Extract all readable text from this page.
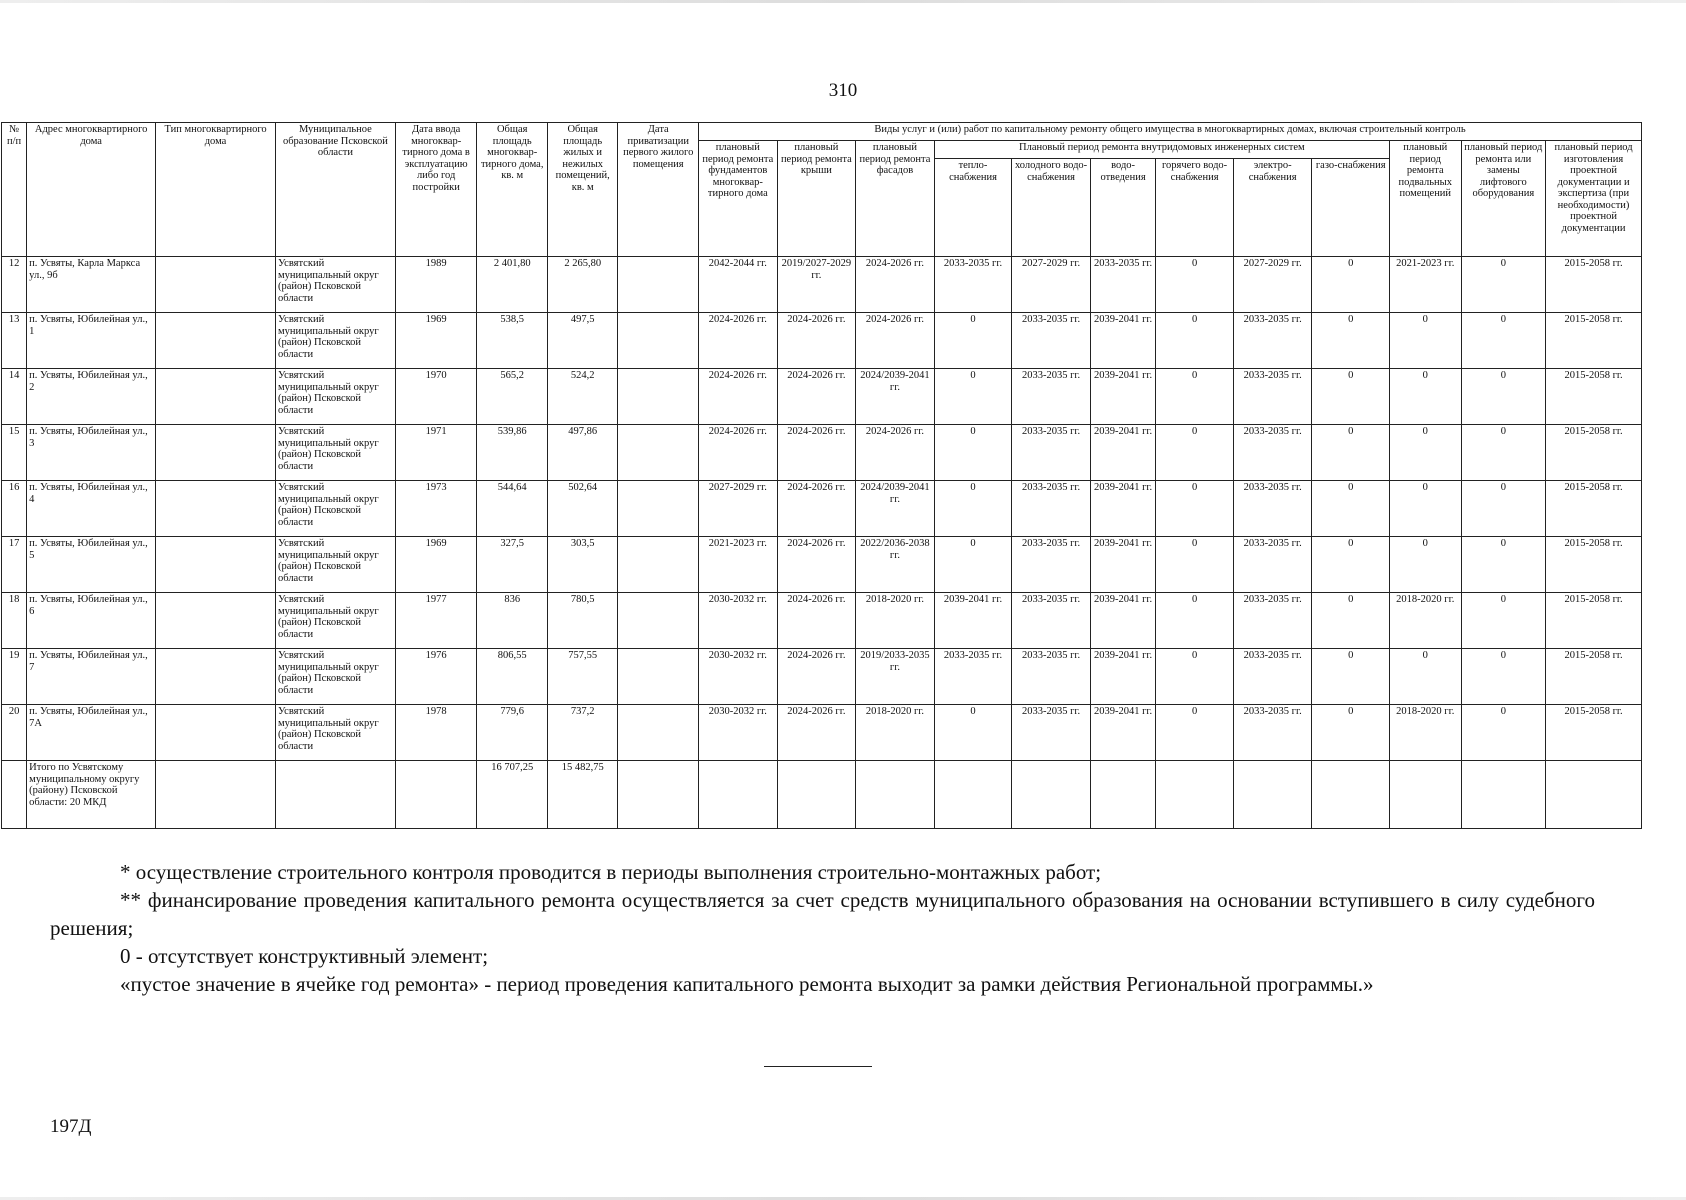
310
№ п/п	Адрес многоквартирного дома	Тип многоквартирного дома	Муниципальное образование Псковской области	Дата ввода многоквар-тирного дома в эксплуатацию либо год постройки	Общая площадь многоквар-тирного дома, кв. м	Общая площадь жилых и нежилых помещений, кв. м	Дата приватизации первого жилого помещения	Виды услуг и (или) работ по капитальному ремонту общего имущества в многоквартирных домах, включая строительный контроль											
								плановый период ремонта фундаментов многоквар-тирного дома	плановый период ремонта крыши	плановый период ремонта фасадов	Плановый период ремонта внутридомовых инженерных систем						плановый период ремонта подвальных помещений	плановый период ремонта или замены лифтового оборудования	плановый период изготовления проектной документации и экспертиза (при необходимости) проектной документации
											тепло-снабжения	холодного водо-снабжения	водо-отведения	горячего водо-снабжения	электро-снабжения	газо-снабжения			
12	п. Усвяты, Карла Маркса ул., 9б		Усвятский муниципальный округ (район) Псковской области	1989	2 401,80	2 265,80		2042-2044 гг.	2019/2027-2029 гг.	2024-2026 гг.	2033-2035 гг.	2027-2029 гг.	2033-2035 гг.	0	2027-2029 гг.	0	2021-2023 гг.	0	2015-2058 гг.
13	п. Усвяты, Юбилейная ул., 1		Усвятский муниципальный округ (район) Псковской области	1969	538,5	497,5		2024-2026 гг.	2024-2026 гг.	2024-2026 гг.	0	2033-2035 гг.	2039-2041 гг.	0	2033-2035 гг.	0	0	0	2015-2058 гг.
14	п. Усвяты, Юбилейная ул., 2		Усвятский муниципальный округ (район) Псковской области	1970	565,2	524,2		2024-2026 гг.	2024-2026 гг.	2024/2039-2041 гг.	0	2033-2035 гг.	2039-2041 гг.	0	2033-2035 гг.	0	0	0	2015-2058 гг.
15	п. Усвяты, Юбилейная ул., 3		Усвятский муниципальный округ (район) Псковской области	1971	539,86	497,86		2024-2026 гг.	2024-2026 гг.	2024-2026 гг.	0	2033-2035 гг.	2039-2041 гг.	0	2033-2035 гг.	0	0	0	2015-2058 гг.
16	п. Усвяты, Юбилейная ул., 4		Усвятский муниципальный округ (район) Псковской области	1973	544,64	502,64		2027-2029 гг.	2024-2026 гг.	2024/2039-2041 гг.	0	2033-2035 гг.	2039-2041 гг.	0	2033-2035 гг.	0	0	0	2015-2058 гг.
17	п. Усвяты, Юбилейная ул., 5		Усвятский муниципальный округ (район) Псковской области	1969	327,5	303,5		2021-2023 гг.	2024-2026 гг.	2022/2036-2038 гг.	0	2033-2035 гг.	2039-2041 гг.	0	2033-2035 гг.	0	0	0	2015-2058 гг.
18	п. Усвяты, Юбилейная ул., 6		Усвятский муниципальный округ (район) Псковской области	1977	836	780,5		2030-2032 гг.	2024-2026 гг.	2018-2020 гг.	2039-2041 гг.	2033-2035 гг.	2039-2041 гг.	0	2033-2035 гг.	0	2018-2020 гг.	0	2015-2058 гг.
19	п. Усвяты, Юбилейная ул., 7		Усвятский муниципальный округ (район) Псковской области	1976	806,55	757,55		2030-2032 гг.	2024-2026 гг.	2019/2033-2035 гг.	2033-2035 гг.	2033-2035 гг.	2039-2041 гг.	0	2033-2035 гг.	0	0	0	2015-2058 гг.
20	п. Усвяты, Юбилейная ул., 7А		Усвятский муниципальный округ (район) Псковской области	1978	779,6	737,2		2030-2032 гг.	2024-2026 гг.	2018-2020 гг.	0	2033-2035 гг.	2039-2041 гг.	0	2033-2035 гг.	0	2018-2020 гг.	0	2015-2058 гг.
	Итого по Усвятскому муниципальному округу (району) Псковской области: 20 МКД				16 707,25	15 482,75													

* осуществление строительного контроля проводится в периоды выполнения строительно-монтажных работ;

** финансирование проведения капитального ремонта осуществляется за счет средств муниципального образования на основании вступившего в силу судебного решения;

0 - отсутствует конструктивный элемент;

«пустое значение в ячейке год ремонта» - период проведения капитального ремонта выходит за рамки действия Региональной программы.»

197Д
